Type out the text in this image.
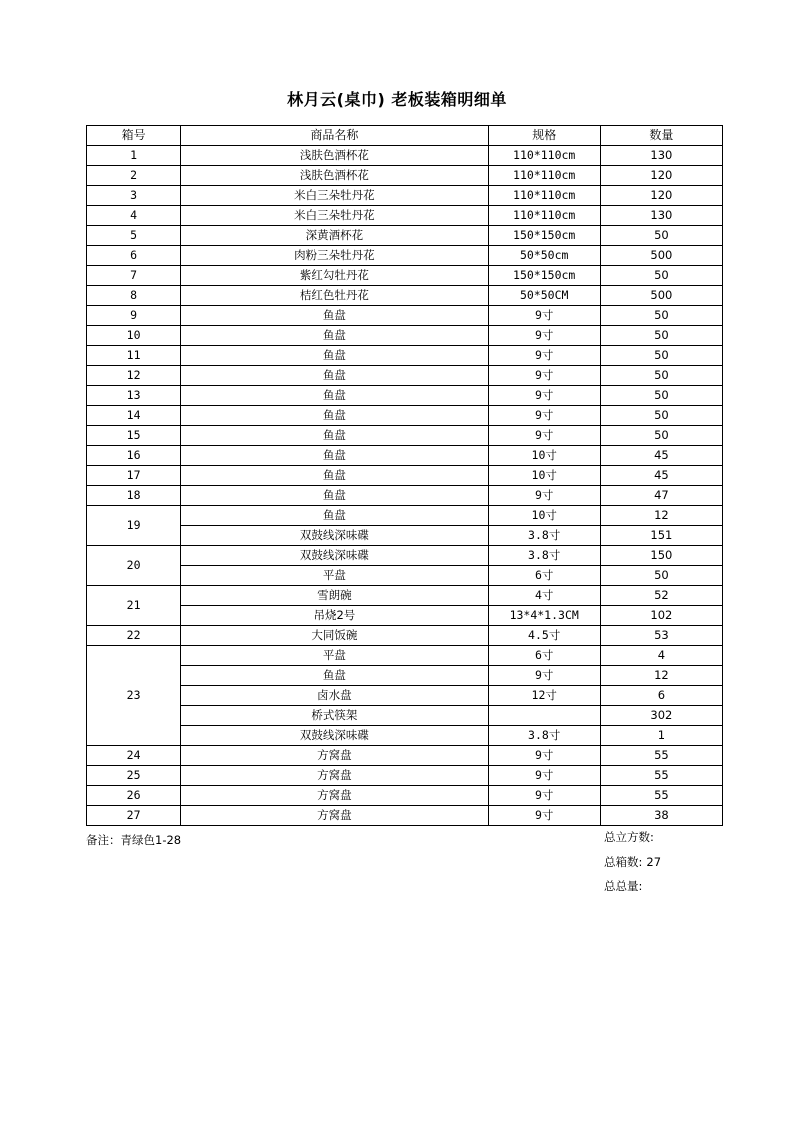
林月云(桌巾) 老板装箱明细单
箱号	商品名称	规格	数量
1	浅肤色酒杯花	110*110cm	130
2	浅肤色酒杯花	110*110cm	120
3	米白三朵牡丹花	110*110cm	120
4	米白三朵牡丹花	110*110cm	130
5	深黄酒杯花	150*150cm	50
6	肉粉三朵牡丹花	50*50cm	500
7	紫红勾牡丹花	150*150cm	50
8	桔红色牡丹花	50*50CM	500
9	鱼盘	9寸	50
10	鱼盘	9寸	50
11	鱼盘	9寸	50
12	鱼盘	9寸	50
13	鱼盘	9寸	50
14	鱼盘	9寸	50
15	鱼盘	9寸	50
16	鱼盘	10寸	45
17	鱼盘	10寸	45
18	鱼盘	9寸	47
19	鱼盘	10寸	12
	双鼓线深味碟	3.8寸	151
20	双鼓线深味碟	3.8寸	150
	平盘	6寸	50
21	雪朗碗	4寸	52
	吊烧2号	13*4*1.3CM	102
22	大同饭碗	4.5寸	53
23	平盘	6寸	4
	鱼盘	9寸	12
	卤水盘	12寸	6
	桥式筷架		302
	双鼓线深味碟	3.8寸	1
24	方窝盘	9寸	55
25	方窝盘	9寸	55
26	方窝盘	9寸	55
27	方窝盘	9寸	38
备注：青绿色1-28	总立方数:
总箱数: 27
总总量:
